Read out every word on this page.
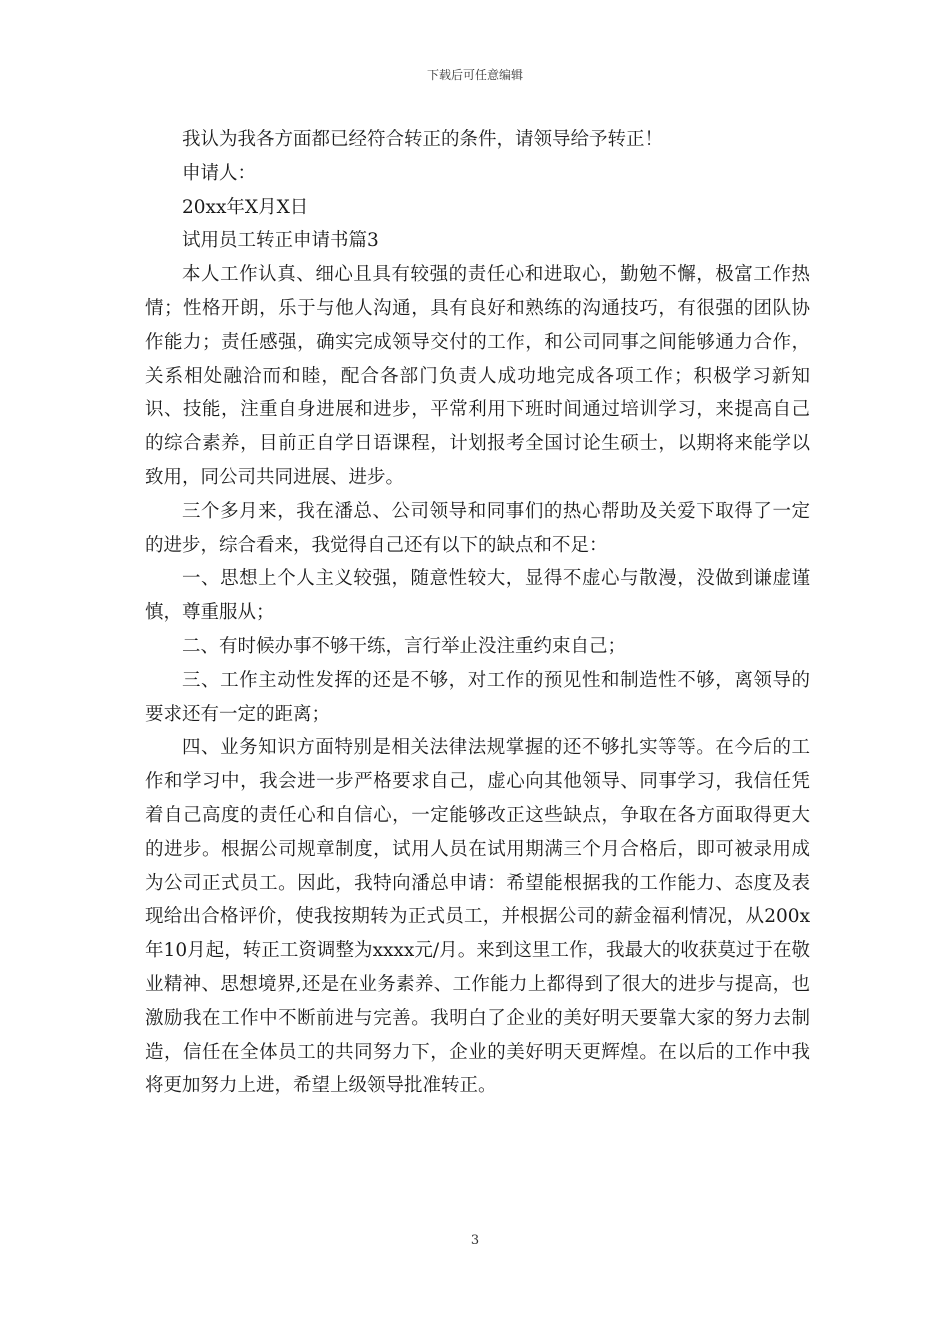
下载后可任意编辑
我认为我各方面都已经符合转正的条件，请领导给予转正！
申请人：
20xx年X月X日
试用员工转正申请书篇3

本人工作认真、细心且具有较强的责任心和进取心，勤勉不懈，极富工作热情；性格开朗，乐于与他人沟通，具有良好和熟练的沟通技巧，有很强的团队协作能力；责任感强，确实完成领导交付的工作，和公司同事之间能够通力合作，关系相处融洽而和睦，配合各部门负责人成功地完成各项工作；积极学习新知识、技能，注重自身进展和进步，平常利用下班时间通过培训学习，来提高自己的综合素养，目前正自学日语课程，计划报考全国讨论生硕士，以期将来能学以致用，同公司共同进展、进步。

三个多月来，我在潘总、公司领导和同事们的热心帮助及关爱下取得了一定的进步，综合看来，我觉得自己还有以下的缺点和不足：

一、思想上个人主义较强，随意性较大，显得不虚心与散漫，没做到谦虚谨慎，尊重服从；

二、有时候办事不够干练，言行举止没注重约束自己；

三、工作主动性发挥的还是不够，对工作的预见性和制造性不够，离领导的要求还有一定的距离；

四、业务知识方面特别是相关法律法规掌握的还不够扎实等等。在今后的工作和学习中，我会进一步严格要求自己，虚心向其他领导、同事学习，我信任凭着自己高度的责任心和自信心，一定能够改正这些缺点，争取在各方面取得更大的进步。根据公司规章制度，试用人员在试用期满三个月合格后，即可被录用成为公司正式员工。因此，我特向潘总申请：希望能根据我的工作能力、态度及表现给出合格评价，使我按期转为正式员工，并根据公司的薪金福利情况，从200x年10月起，转正工资调整为xxxx元/月。来到这里工作，我最大的收获莫过于在敬业精神、思想境界,还是在业务素养、工作能力上都得到了很大的进步与提高，也激励我在工作中不断前进与完善。我明白了企业的美好明天要靠大家的努力去制造，信任在全体员工的共同努力下，企业的美好明天更辉煌。在以后的工作中我将更加努力上进，希望上级领导批准转正。

3
